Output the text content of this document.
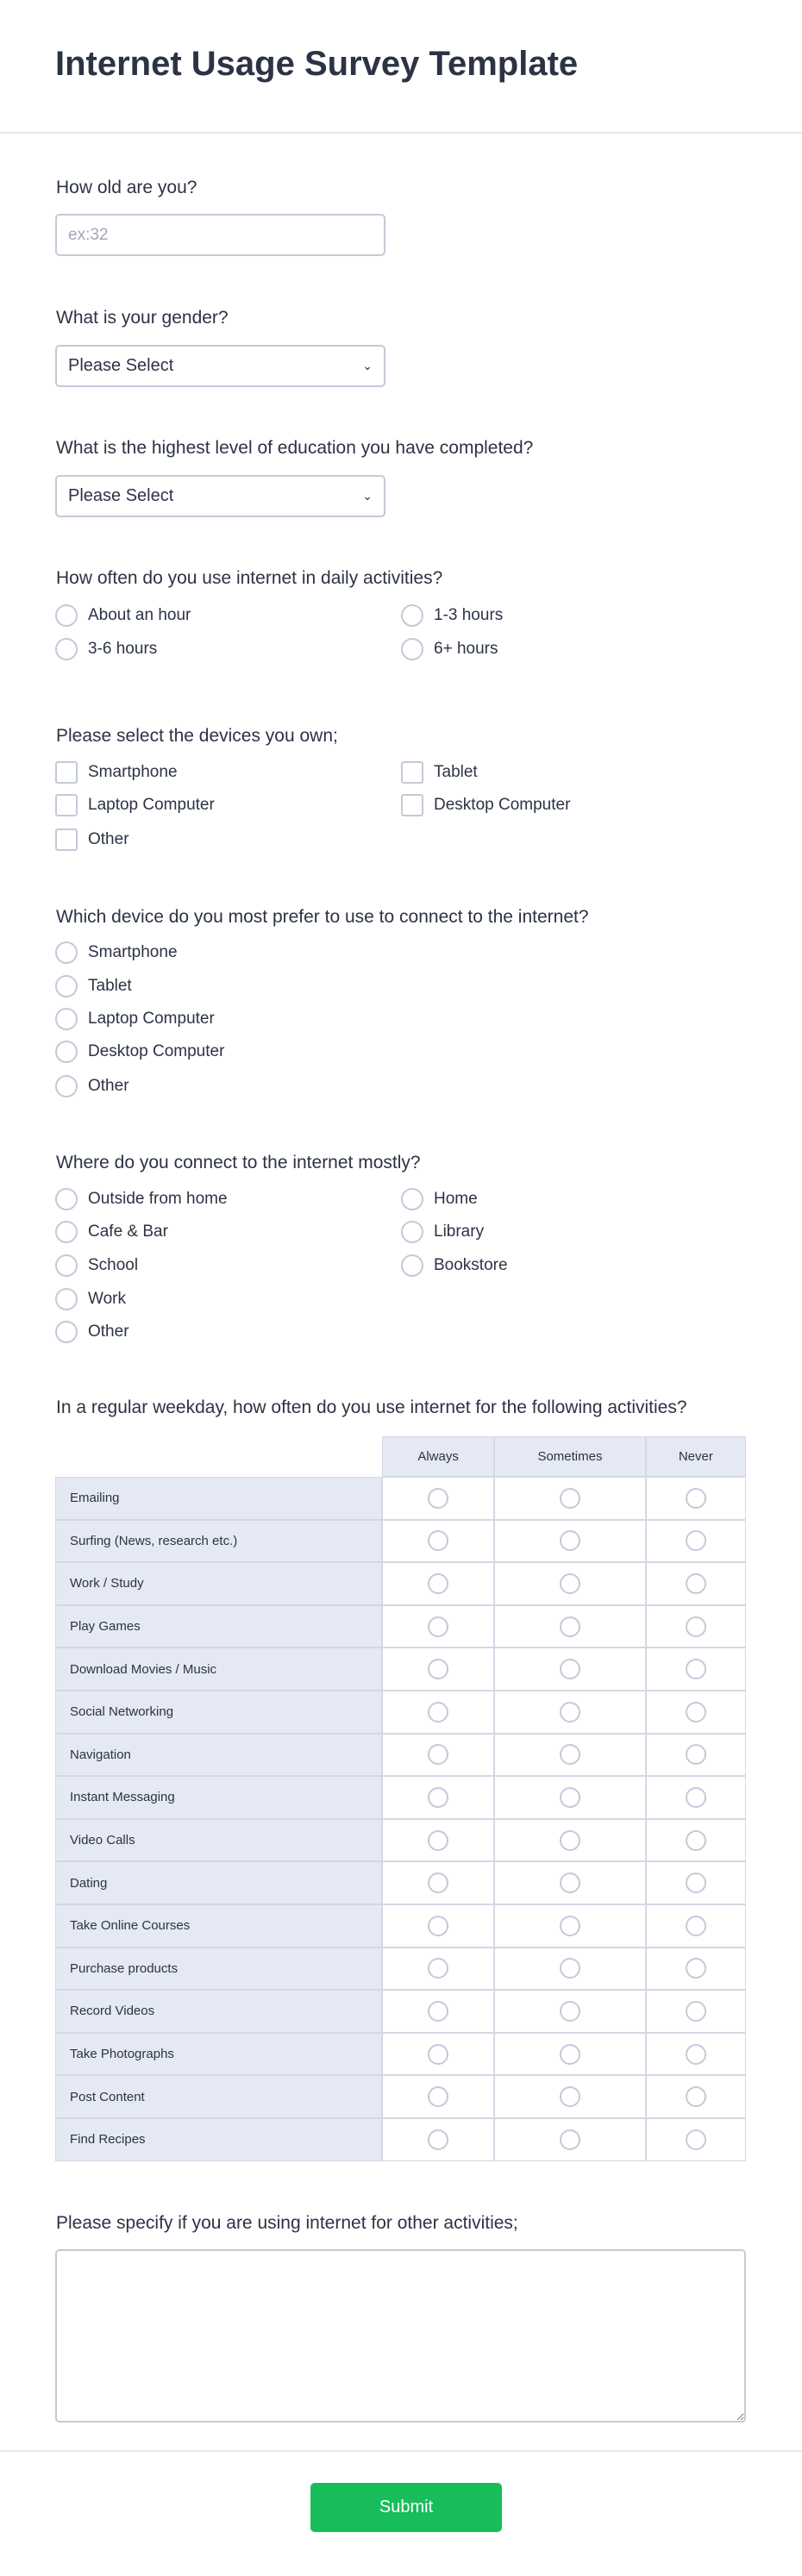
Internet Usage Survey Template
How old are you?
ex:32
What is your gender?
Please Select	⌄
What is the highest level of education you have completed?
Please Select	⌄
How often do you use internet in daily activities?
About an hour	1-3 hours
3-6 hours	6+ hours
Please select the devices you own;
Smartphone	Tablet
Laptop Computer	Desktop Computer
Other
Which device do you most prefer to use to connect to the internet?
Smartphone
Tablet
Laptop Computer
Desktop Computer
Other
Where do you connect to the internet mostly?
Outside from home	Home
Cafe & Bar	Library
School	Bookstore
Work
Other
In a regular weekday, how often do you use internet for the following activities?
	Always	Sometimes	Never
Emailing			
Surfing (News, research etc.)			
Work / Study			
Play Games			
Download Movies / Music			
Social Networking			
Navigation			
Instant Messaging			
Video Calls			
Dating			
Take Online Courses			
Purchase products			
Record Videos			
Take Photographs			
Post Content			
Find Recipes			
Please specify if you are using internet for other activities;
Submit
